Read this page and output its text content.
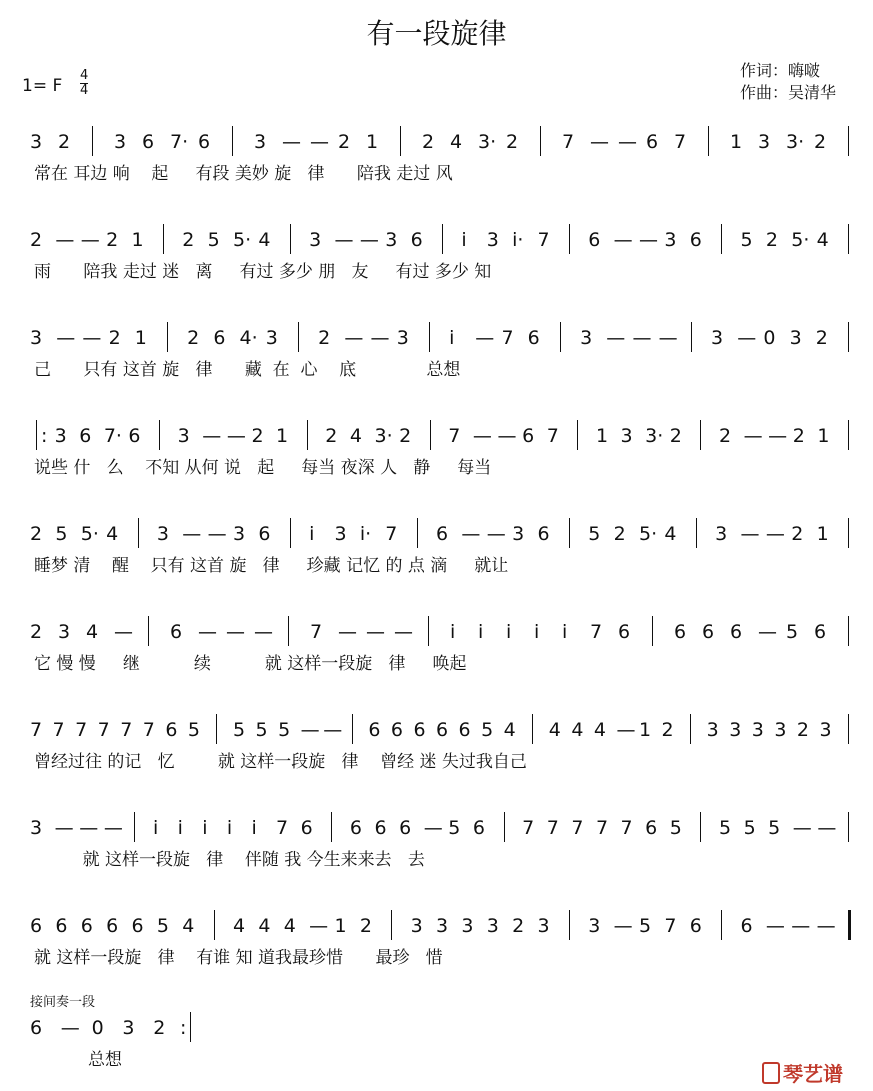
有一段旋律
1= F
4
4
作词：嗨啵
作曲：吴清华
3 2 3 6 7· 6 3 — — 2 1 2 4 3· 2 7 — — 6 7 1 3 3· 2
常在 耳边 响    起     有段 美妙 旋   律      陪我 走过 风
2 — — 2 1 2 5 5· 4 3 — — 3 6 i 3 i· 7 6 — — 3 6 5 2 5· 4
雨      陪我 走过 迷   离     有过 多少 朋   友     有过 多少 知
3 — — 2 1 2 6 4· 3 2 — — 3 i — 7 6 3 — — — 3 — 0 3 2
己      只有 这首 旋   律      藏  在  心    底             总想
: 3 6 7· 6 3 — — 2 1 2 4 3· 2 7 — — 6 7 1 3 3· 2 2 — — 2 1
说些 什   么    不知 从何 说   起     每当 夜深 人   静     每当
2 5 5· 4 3 — — 3 6 i 3 i· 7 6 — — 3 6 5 2 5· 4 3 — — 2 1
睡梦 清    醒    只有 这首 旋   律     珍藏 记忆 的 点 滴     就让
2 3 4 — 6 — — — 7 — — — i i i i i 7 6 6 6 6 — 5 6
它 慢 慢     继          续          就 这样一段旋   律     唤起
7 7 7 7 7 7 6 5 5 5 5 — — 6 6 6 6 6 5 4 4 4 4 — 1 2 3 3 3 3 2 3
曾经过往 的记   忆        就 这样一段旋   律    曾经 迷 失过我自己
3 — — — i i i i i 7 6 6 6 6 — 5 6 7 7 7 7 7 6 5 5 5 5 — —
就 这样一段旋   律    伴随 我 今生来来去   去
6 6 6 6 6 5 4 4 4 4 — 1 2 3 3 3 3 2 3 3 — 5 7 6 6 — — —
就 这样一段旋   律    有谁 知 道我最珍惜      最珍   惜
6 — 0 3 2 :
总想
接间奏一段
琴艺谱
